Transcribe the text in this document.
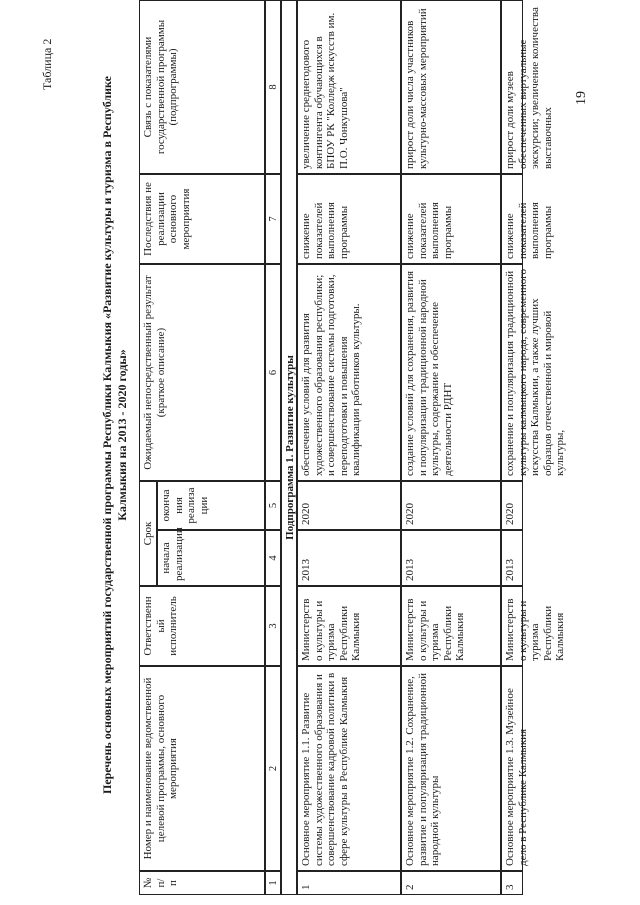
Таблица 2
Перечень основных мероприятий государственной программы Республики Калмыкия «Развитие культуры и туризма в Республике Калмыкия на 2013 - 2020 годы»
19
№
п/п
Номер и наименование ведомственной целевой программы, основного мероприятия
Ответственн ый исполнитель
Срок
начала реализации
оконча ния реализа ции
Ожидаемый непосредственный результат (краткое описание)
Последствия не реализации основного мероприятия
Связь с показателями государственной программы (подпрограммы)
1
2
3
4
5
6
7
8
Подпрограмма 1. Развитие культуры
1
Основное мероприятие 1.1. Развитие системы художественного образования и совершенствование кадровой политики в сфере культуры в Республике Калмыкия
Министерств о культуры и туризма Республики Калмыкия
2013
2020
обеспечение условий для развития художественного образования республики; и совершенствование системы подготовки, переподготовки и повышения квалификации работников культуры.
снижение показателей выполнения программы
увеличение среднегодового контингента обучающихся в БПОУ РК "Колледж искусств им. П.О. Чонкушова"
2
Основное мероприятие 1.2. Сохранение, развитие и популяризация традиционной народной культуры
Министерств о культуры и туризма Республики Калмыкия
2013
2020
создание условий для сохранения, развития и популяризации традиционной народной культуры, содержание и обеспечение деятельности РДНТ
снижение показателей выполнения программы
прирост доли числа участников культурно-массовых мероприятий
3
Основное мероприятие 1.3. Музейное дело в Республике Калмыкия
Министерств о культуры и туризма Республики Калмыкия
2013
2020
сохранение и популяризация традиционной культуры калмыцкого народа, современного искусства Калмыкии, а также лучших образцов отечественной и мировой культуры,
снижение показателей выполнения программы
прирост доли музеев обеспеченных виртуальные экскурсии; увеличение количества выставочных
